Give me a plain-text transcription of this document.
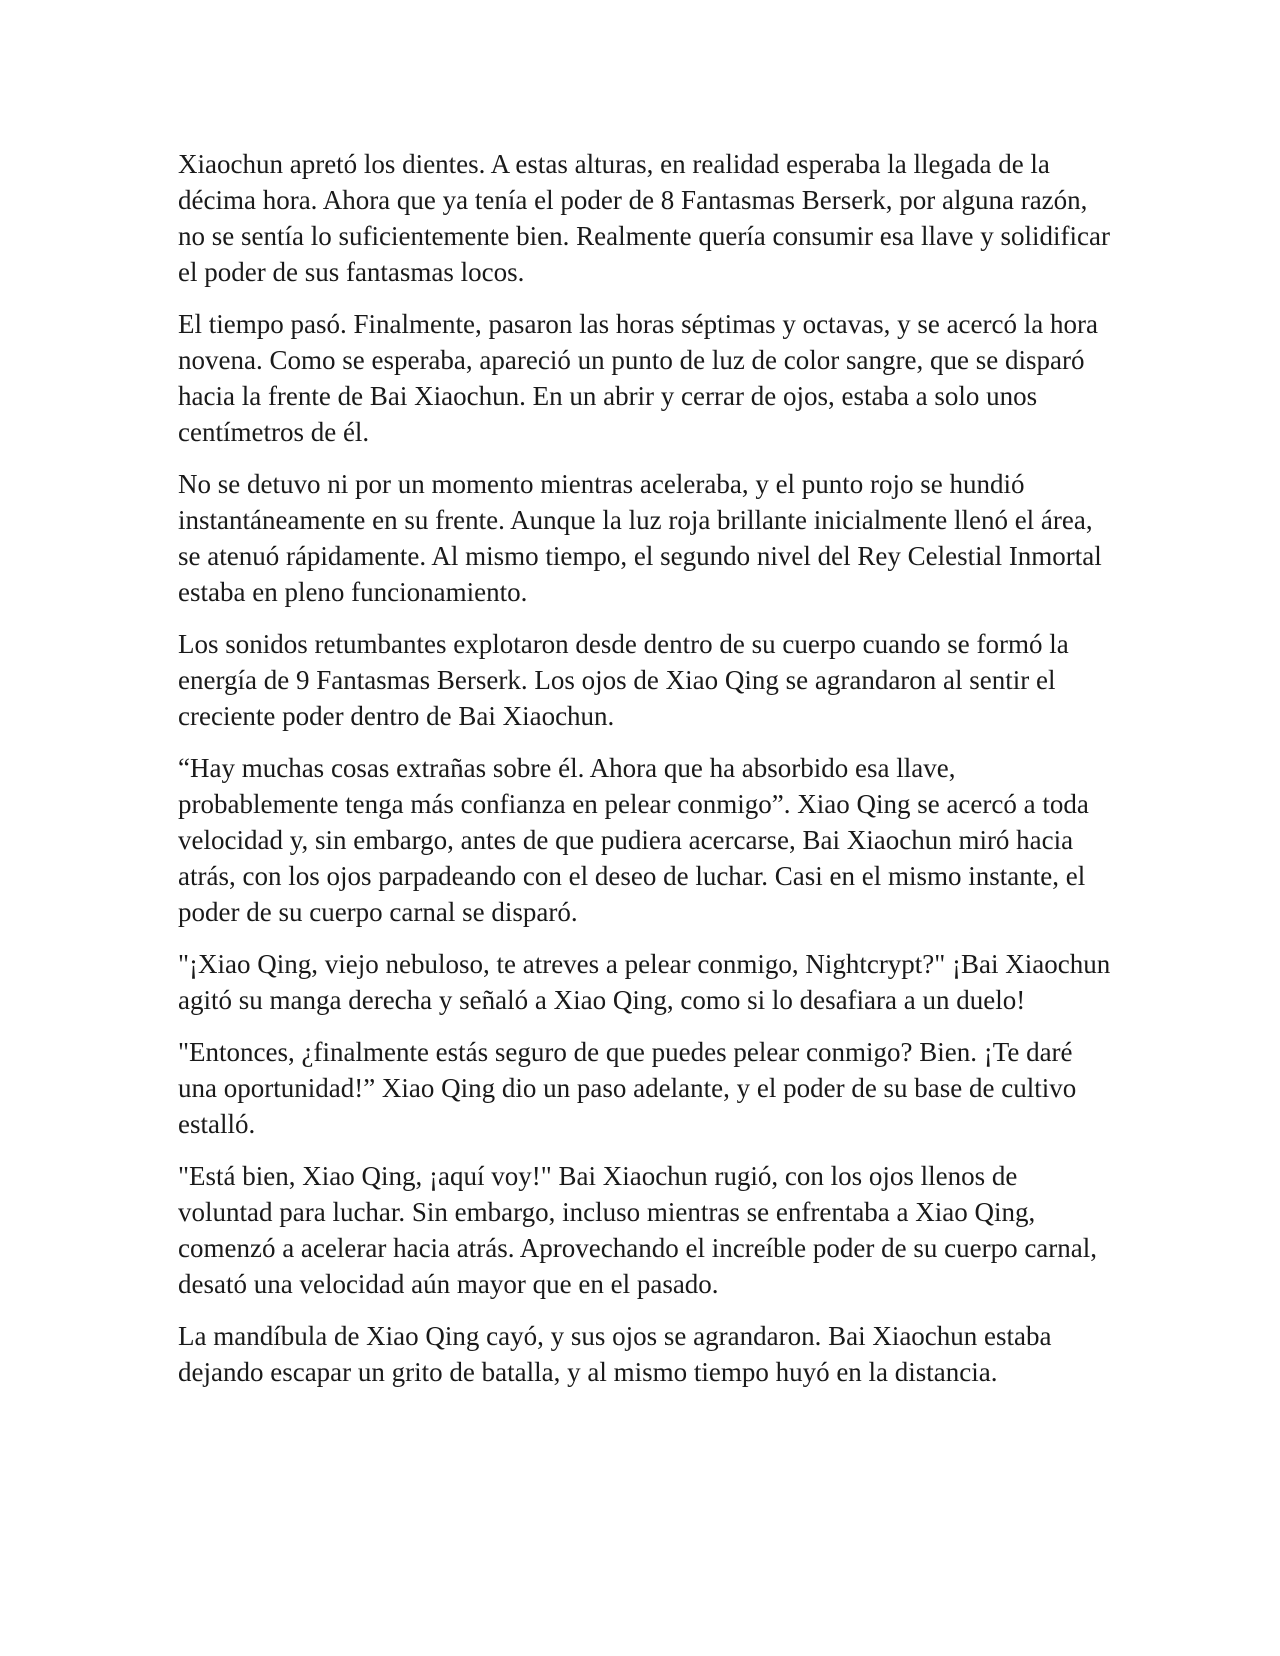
Xiaochun apretó los dientes. A estas alturas, en realidad esperaba la llegada de la décima hora. Ahora que ya tenía el poder de 8 Fantasmas Berserk, por alguna razón, no se sentía lo suficientemente bien. Realmente quería consumir esa llave y solidificar el poder de sus fantasmas locos.

El tiempo pasó. Finalmente, pasaron las horas séptimas y octavas, y se acercó la hora novena. Como se esperaba, apareció un punto de luz de color sangre, que se disparó hacia la frente de Bai Xiaochun. En un abrir y cerrar de ojos, estaba a solo unos centímetros de él.

No se detuvo ni por un momento mientras aceleraba, y el punto rojo se hundió instantáneamente en su frente. Aunque la luz roja brillante inicialmente llenó el área, se atenuó rápidamente. Al mismo tiempo, el segundo nivel del Rey Celestial Inmortal estaba en pleno funcionamiento.

Los sonidos retumbantes explotaron desde dentro de su cuerpo cuando se formó la energía de 9 Fantasmas Berserk. Los ojos de Xiao Qing se agrandaron al sentir el creciente poder dentro de Bai Xiaochun.

“Hay muchas cosas extrañas sobre él. Ahora que ha absorbido esa llave, probablemente tenga más confianza en pelear conmigo”. Xiao Qing se acercó a toda velocidad y, sin embargo, antes de que pudiera acercarse, Bai Xiaochun miró hacia atrás, con los ojos parpadeando con el deseo de luchar. Casi en el mismo instante, el poder de su cuerpo carnal se disparó.

"¡Xiao Qing, viejo nebuloso, te atreves a pelear conmigo, Nightcrypt?" ¡Bai Xiaochun agitó su manga derecha y señaló a Xiao Qing, como si lo desafiara a un duelo!

"Entonces, ¿finalmente estás seguro de que puedes pelear conmigo? Bien. ¡Te daré una oportunidad!” Xiao Qing dio un paso adelante, y el poder de su base de cultivo estalló.

"Está bien, Xiao Qing, ¡aquí voy!" Bai Xiaochun rugió, con los ojos llenos de voluntad para luchar. Sin embargo, incluso mientras se enfrentaba a Xiao Qing, comenzó a acelerar hacia atrás. Aprovechando el increíble poder de su cuerpo carnal, desató una velocidad aún mayor que en el pasado.

La mandíbula de Xiao Qing cayó, y sus ojos se agrandaron. Bai Xiaochun estaba dejando escapar un grito de batalla, y al mismo tiempo huyó en la distancia.
